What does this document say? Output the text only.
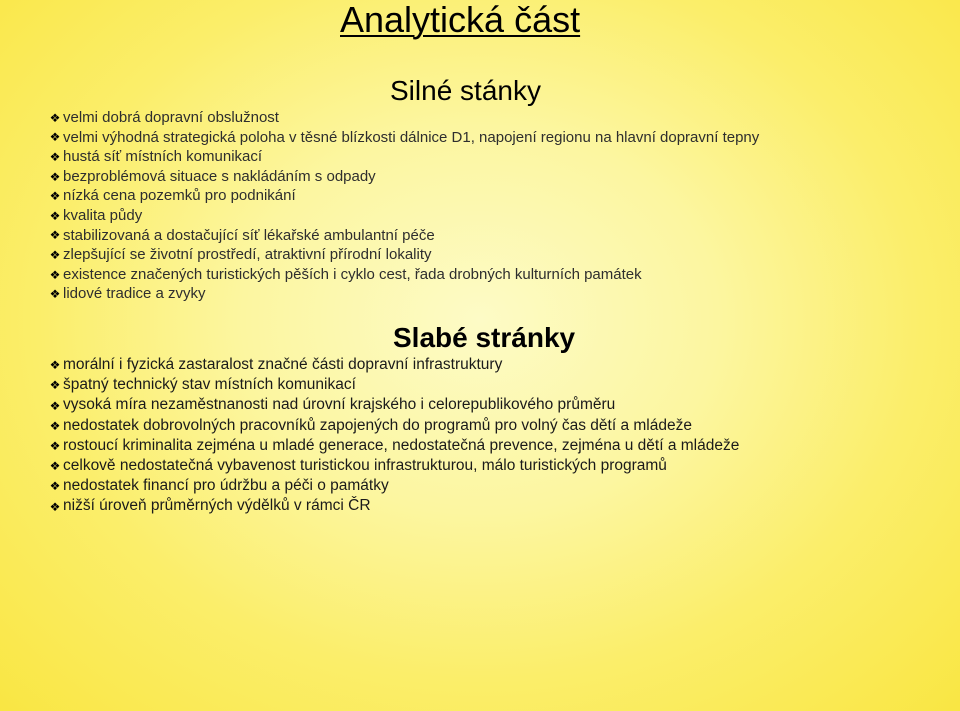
Analytická část
Silné stánky
❖ velmi dobrá dopravní obslužnost
❖ velmi výhodná strategická poloha v těsné blízkosti dálnice D1, napojení regionu na hlavní dopravní tepny
❖ hustá síť místních komunikací
❖ bezproblémová situace s nakládáním s odpady
❖ nízká cena pozemků pro podnikání
❖ kvalita půdy
❖ stabilizovaná a dostačující síť lékařské ambulantní péče
❖ zlepšující se životní prostředí, atraktivní přírodní lokality
❖ existence značených turistických pěších i cyklo cest, řada drobných kulturních památek
❖ lidové tradice a zvyky
Slabé stránky
❖ morální i fyzická zastaralost značné části dopravní infrastruktury
❖ špatný technický stav místních komunikací
❖ vysoká míra nezaměstnanosti nad úrovní krajského i celorepublikového průměru
❖ nedostatek dobrovolných pracovníků zapojených do programů pro volný čas dětí a mládeže
❖ rostoucí kriminalita zejména u mladé generace, nedostatečná prevence, zejména u dětí a mládeže
❖ celkově nedostatečná vybavenost turistickou infrastrukturou, málo turistických programů
❖ nedostatek financí pro údržbu a péči o památky
❖ nižší úroveň průměrných výdělků v rámci ČR
